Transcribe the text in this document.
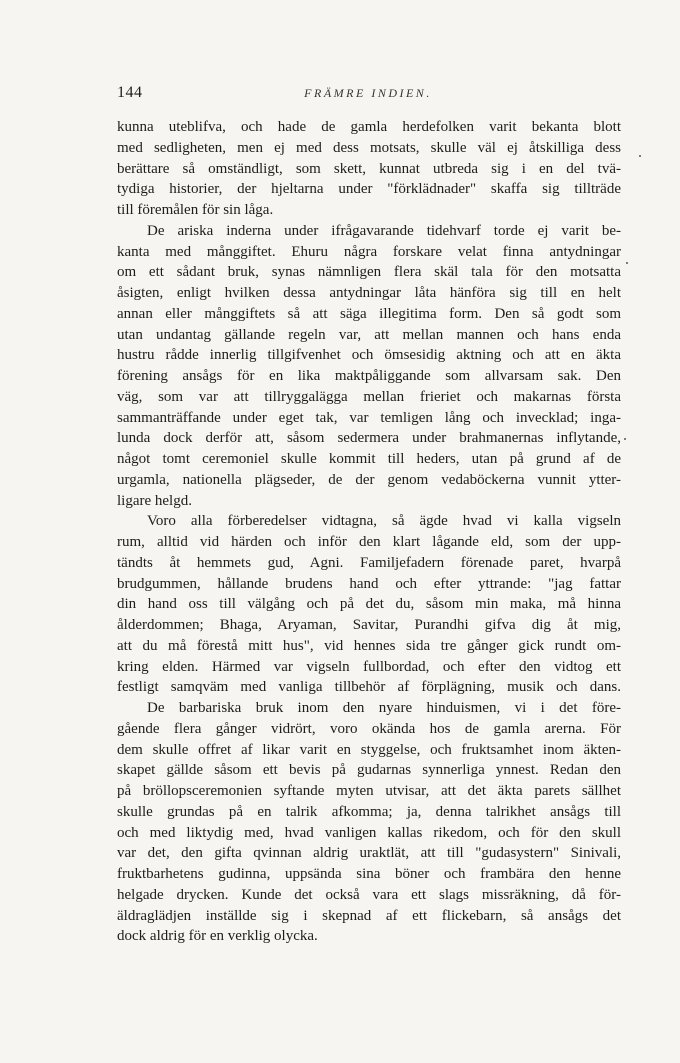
144	FRÄMRE INDIEN.
kunna uteblifva, och hade de gamla herdefolken varit bekanta blott
med sedligheten, men ej med dess motsats, skulle väl ej åtskilliga dess
berättare så omständligt, som skett, kunnat utbreda sig i en del tvä-
tydiga historier, der hjeltarna under "förklädnader" skaffa sig tillträde
till föremålen för sin låga.
De ariska inderna under ifrågavarande tidehvarf torde ej varit be-
kanta med månggiftet. Ehuru några forskare velat finna antydningar
om ett sådant bruk, synas nämnligen flera skäl tala för den motsatta
åsigten, enligt hvilken dessa antydningar låta hänföra sig till en helt
annan eller månggiftets så att säga illegitima form. Den så godt som
utan undantag gällande regeln var, att mellan mannen och hans enda
hustru rådde innerlig tillgifvenhet och ömsesidig aktning och att en äkta
förening ansågs för en lika maktpåliggande som allvarsam sak. Den
väg, som var att tillryggalägga mellan frieriet och makarnas första
sammanträffande under eget tak, var temligen lång och invecklad; inga-
lunda dock derför att, såsom sedermera under brahmanernas inflytande,
något tomt ceremoniel skulle kommit till heders, utan på grund af de
urgamla, nationella plägseder, de der genom vedaböckerna vunnit ytter-
ligare helgd.
Voro alla förberedelser vidtagna, så ägde hvad vi kalla vigseln
rum, alltid vid härden och inför den klart lågande eld, som der upp-
tändts åt hemmets gud, Agni. Familjefadern förenade paret, hvarpå
brudgummen, hållande brudens hand och efter yttrande: "jag fattar
din hand oss till välgång och på det du, såsom min maka, må hinna
ålderdommen; Bhaga, Aryaman, Savitar, Purandhi gifva dig åt mig,
att du må förestå mitt hus", vid hennes sida tre gånger gick rundt om-
kring elden. Härmed var vigseln fullbordad, och efter den vidtog ett
festligt samqväm med vanliga tillbehör af förplägning, musik och dans.
De barbariska bruk inom den nyare hinduismen, vi i det före-
gående flera gånger vidrört, voro okända hos de gamla arerna. För
dem skulle offret af likar varit en styggelse, och fruktsamhet inom äkten-
skapet gällde såsom ett bevis på gudarnas synnerliga ynnest. Redan den
på bröllopsceremonien syftande myten utvisar, att det äkta parets sällhet
skulle grundas på en talrik afkomma; ja, denna talrikhet ansågs till
och med liktydig med, hvad vanligen kallas rikedom, och för den skull
var det, den gifta qvinnan aldrig uraktlät, att till "gudasystern" Sinivali,
fruktbarhetens gudinna, uppsända sina böner och frambära den henne
helgade drycken. Kunde det också vara ett slags missräkning, då för-
äldraglädjen inställde sig i skepnad af ett flickebarn, så ansågs det
dock aldrig för en verklig olycka.
